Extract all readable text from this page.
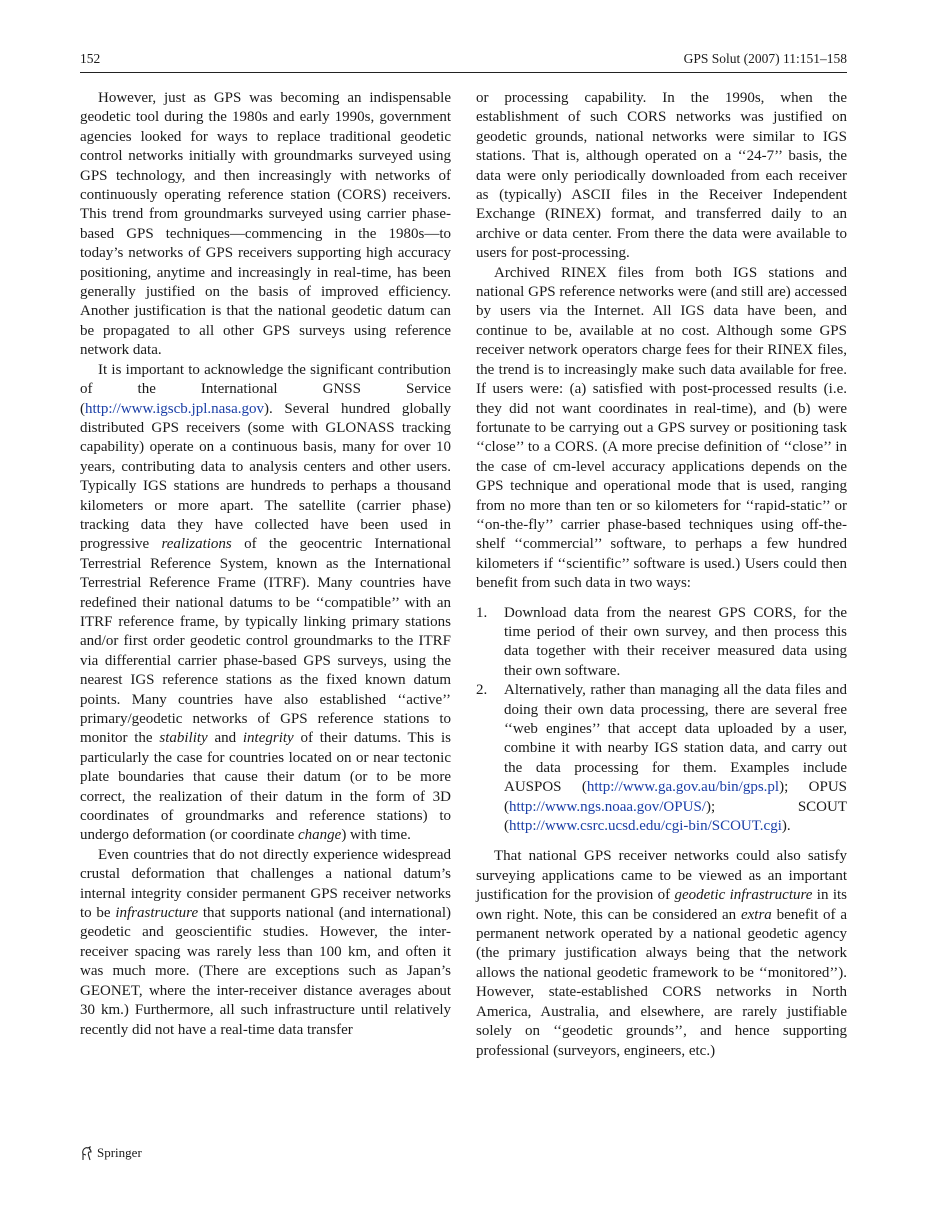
152	GPS Solut (2007) 11:151–158

However, just as GPS was becoming an indispensable geodetic tool during the 1980s and early 1990s, government agencies looked for ways to replace traditional geodetic control networks initially with groundmarks surveyed using GPS technology, and then increasingly with networks of continuously operating reference station (CORS) receivers. This trend from groundmarks surveyed using carrier phase-based GPS techniques—commencing in the 1980s—to today’s networks of GPS receivers supporting high accuracy positioning, anytime and increasingly in real-time, has been generally justified on the basis of improved efficiency. Another justification is that the national geodetic datum can be propagated to all other GPS surveys using reference network data.

It is important to acknowledge the significant contribution of the International GNSS Service (http://www.igscb.jpl.nasa.gov). Several hundred globally distributed GPS receivers (some with GLONASS tracking capability) operate on a continuous basis, many for over 10 years, contributing data to analysis centers and other users. Typically IGS stations are hundreds to perhaps a thousand kilometers or more apart. The satellite (carrier phase) tracking data they have collected have been used in progressive realizations of the geocentric International Terrestrial Reference System, known as the International Terrestrial Reference Frame (ITRF). Many countries have redefined their national datums to be ‘‘compatible’’ with an ITRF reference frame, by typically linking primary stations and/or first order geodetic control groundmarks to the ITRF via differential carrier phase-based GPS surveys, using the nearest IGS reference stations as the fixed known datum points. Many countries have also established ‘‘active’’ primary/geodetic networks of GPS reference stations to monitor the stability and integrity of their datums. This is particularly the case for countries located on or near tectonic plate boundaries that cause their datum (or to be more correct, the realization of their datum in the form of 3D coordinates of groundmarks and reference stations) to undergo deformation (or coordinate change) with time.

Even countries that do not directly experience widespread crustal deformation that challenges a national datum’s internal integrity consider permanent GPS receiver networks to be infrastructure that supports national (and international) geodetic and geoscientific studies. However, the inter-receiver spacing was rarely less than 100 km, and often it was much more. (There are exceptions such as Japan’s GEONET, where the inter-receiver distance averages about 30 km.) Furthermore, all such infrastructure until relatively recently did not have a real-time data transfer

or processing capability. In the 1990s, when the establishment of such CORS networks was justified on geodetic grounds, national networks were similar to IGS stations. That is, although operated on a ‘‘24-7’’ basis, the data were only periodically downloaded from each receiver as (typically) ASCII files in the Receiver Independent Exchange (RINEX) format, and transferred daily to an archive or data center. From there the data were available to users for post-processing.

Archived RINEX files from both IGS stations and national GPS reference networks were (and still are) accessed by users via the Internet. All IGS data have been, and continue to be, available at no cost. Although some GPS receiver network operators charge fees for their RINEX files, the trend is to increasingly make such data available for free. If users were: (a) satisfied with post-processed results (i.e. they did not want coordinates in real-time), and (b) were fortunate to be carrying out a GPS survey or positioning task ‘‘close’’ to a CORS. (A more precise definition of ‘‘close’’ in the case of cm-level accuracy applications depends on the GPS technique and operational mode that is used, ranging from no more than ten or so kilometers for ‘‘rapid-static’’ or ‘‘on-the-fly’’ carrier phase-based techniques using off-the-shelf ‘‘commercial’’ software, to perhaps a few hundred kilometers if ‘‘scientific’’ software is used.) Users could then benefit from such data in two ways:

1. Download data from the nearest GPS CORS, for the time period of their own survey, and then process this data together with their receiver measured data using their own software.
2. Alternatively, rather than managing all the data files and doing their own data processing, there are several free ‘‘web engines’’ that accept data uploaded by a user, combine it with nearby IGS station data, and carry out the data processing for them. Examples include AUSPOS (http://www.ga.gov.au/bin/gps.pl); OPUS (http://www.ngs.noaa.gov/OPUS/); SCOUT (http://www.csrc.ucsd.edu/cgi-bin/SCOUT.cgi).

That national GPS receiver networks could also satisfy surveying applications came to be viewed as an important justification for the provision of geodetic infrastructure in its own right. Note, this can be considered an extra benefit of a permanent network operated by a national geodetic agency (the primary justification always being that the network allows the national geodetic framework to be ‘‘monitored’’). However, state-established CORS networks in North America, Australia, and elsewhere, are rarely justifiable solely on ‘‘geodetic grounds’’, and hence supporting professional (surveyors, engineers, etc.)

Springer
